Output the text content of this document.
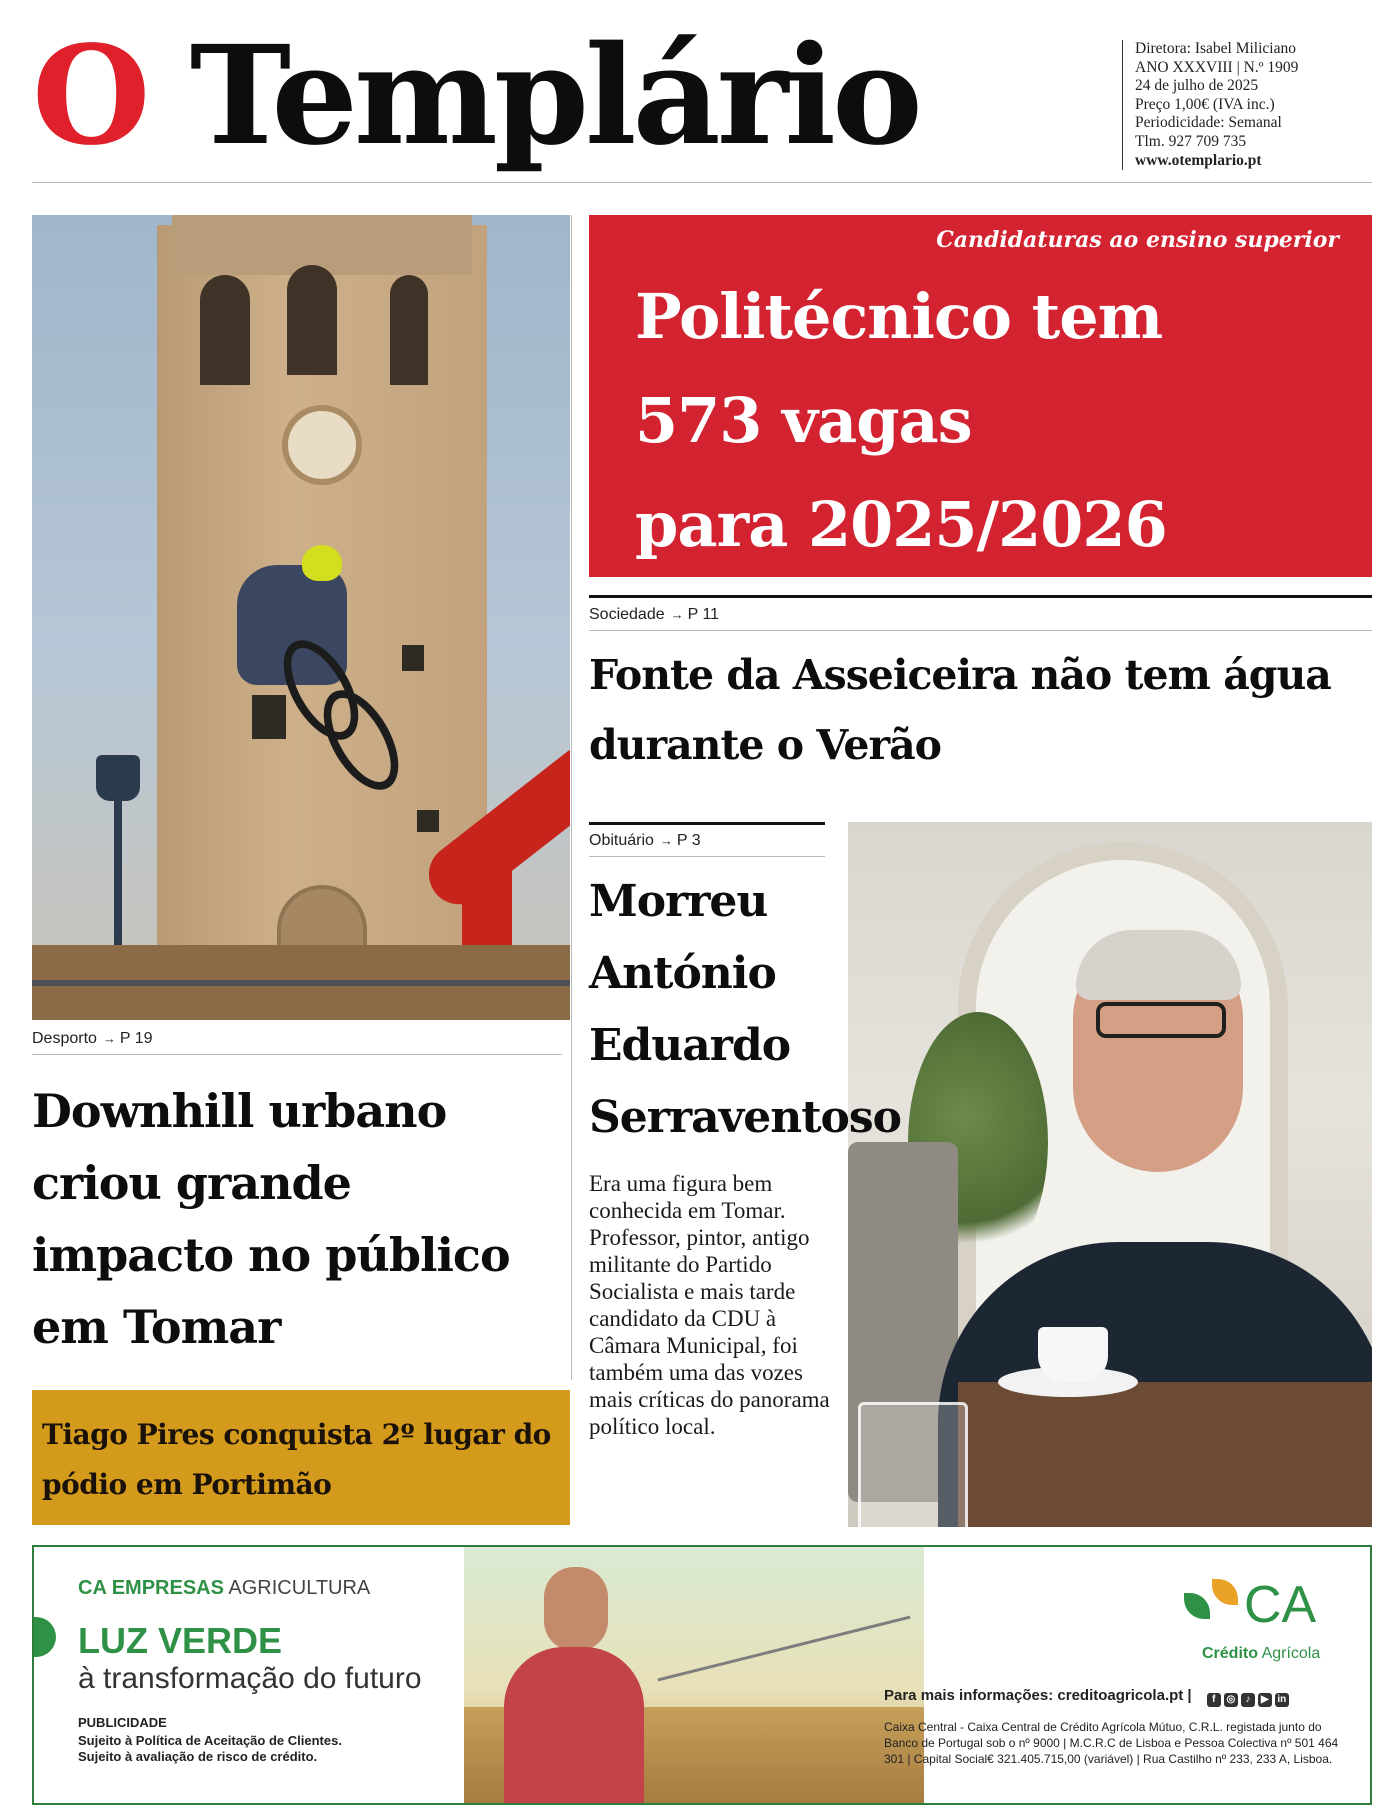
O Templário	Diretora: Isabel Miliciano
ANO XXXVIII | N.º 1909
24 de julho de 2025
Preço 1,00€ (IVA inc.)
Periodicidade: Semanal
Tlm. 927 709 735
www.otemplario.pt
Desporto → P 19
Downhill urbano criou grande impacto no público em Tomar
Tiago Pires conquista 2º lugar do pódio em Portimão
Candidaturas ao ensino superior
Politécnico tem
573 vagas
para 2025/2026
Sociedade → P 11
Fonte da Asseiceira não tem água durante o Verão
Obituário → P 3
Morreu
António
Eduardo
Serraventoso
Era uma figura bem conhecida em Tomar. Professor, pintor, antigo militante do Partido Socialista e mais tarde candidato da CDU à Câmara Municipal, foi também uma das vozes mais críticas do panorama político local.
CA EMPRESAS AGRICULTURA
LUZ VERDE
à transformação do futuro
PUBLICIDADE
Sujeito à Política de Aceitação de Clientes.
Sujeito à avaliação de risco de crédito.
CA
Crédito Agrícola
Para mais informações: creditoagricola.pt | f ◎ ♪ ▶ in
Caixa Central - Caixa Central de Crédito Agrícola Mútuo, C.R.L. registada junto do Banco de Portugal sob o nº 9000 | M.C.R.C de Lisboa e Pessoa Colectiva nº 501 464 301 | Capital Social€ 321.405.715,00 (variável) | Rua Castilho nº 233, 233 A, Lisboa.
